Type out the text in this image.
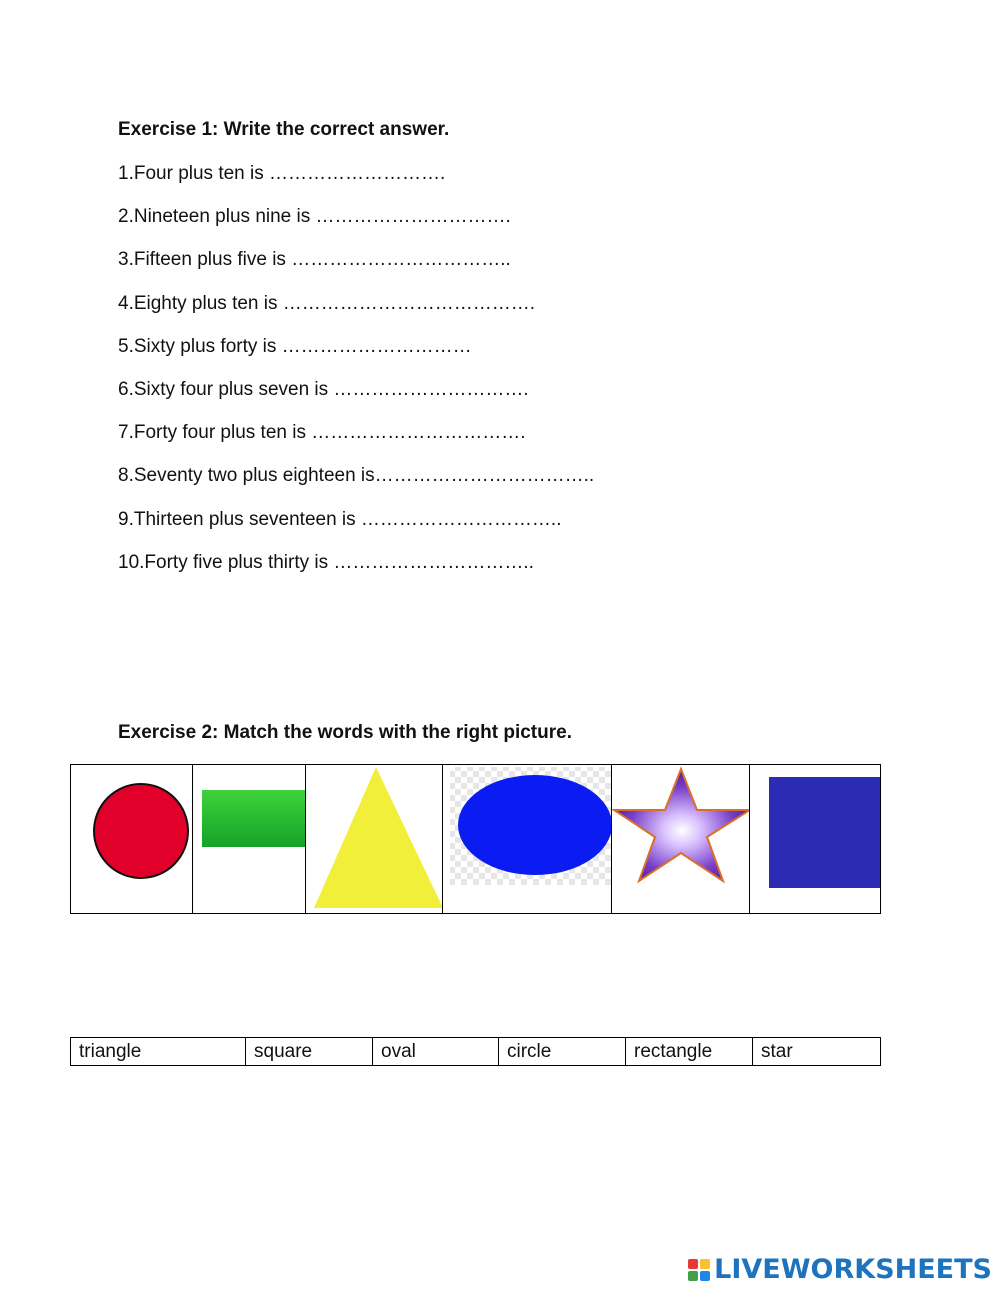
Exercise 1: Write the correct answer.
1.Four plus ten is ……………………….
2.Nineteen plus nine is ………………………….
3.Fifteen plus five is ……………………………..
4.Eighty plus ten is ………………………………….
5.Sixty plus forty is …………………………
6.Sixty four plus seven is ………………………….
7.Forty four plus ten is …………………………….
8.Seventy two plus eighteen is……………………………..
9.Thirteen plus seventeen is …………………………..
10.Forty five plus thirty is …………………………..
Exercise 2: Match the words with the right picture.

triangle	square	oval	circle	rectangle	star
LIVEWORKSHEETS
